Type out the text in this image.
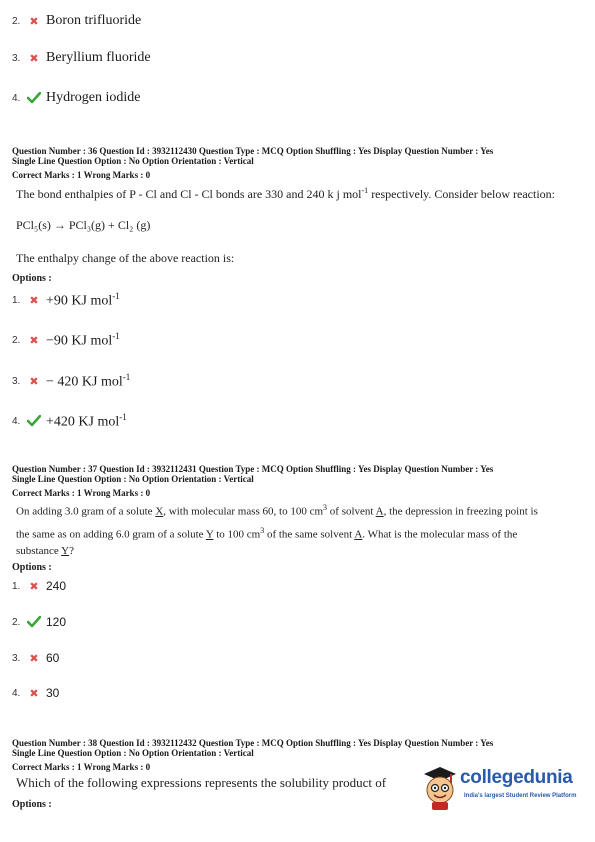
2. ✖ Boron trifluoride
3. ✖ Beryllium fluoride
4.	Hydrogen iodide
Question Number : 36 Question Id : 3932112430 Question Type : MCQ Option Shuffling : Yes Display Question Number : Yes
Single Line Question Option : No Option Orientation : Vertical
Correct Marks : 1 Wrong Marks : 0
The bond enthalpies of P - Cl and Cl - Cl bonds are 330 and 240 k j mol$^{-1}$ respectively. Consider below reaction:
PCl₅(s) → PCl₃(g) + Cl₂ (g)
The enthalpy change of the above reaction is:
Options :
1. ✖ +90 KJ mol$^{-1}$
2. ✖ −90 KJ mol$^{-1}$
3. ✖ − 420 KJ mol$^{-1}$
4.	+420 KJ mol$^{-1}$
Question Number : 37 Question Id : 3932112431 Question Type : MCQ Option Shuffling : Yes Display Question Number : Yes
Single Line Question Option : No Option Orientation : Vertical
Correct Marks : 1 Wrong Marks : 0
On adding 3.0 gram of a solute X, with molecular mass 60, to 100 $cm^3$ of solvent A, the depression in freezing point is
the same as on adding 6.0 gram of a solute Y to 100 $cm^3$ of the same solvent A. What is the molecular mass of the
substance Y?
Options :
1. ✖ 240
2.	120
3. ✖ 60
4. ✖ 30
Question Number : 38 Question Id : 3932112432 Question Type : MCQ Option Shuffling : Yes Display Question Number : Yes
Single Line Question Option : No Option Orientation : Vertical
Correct Marks : 1 Wrong Marks : 0
Which of the following expressions represents the solubility product of
Options :
collegedunia
India's largest Student Review Platform
